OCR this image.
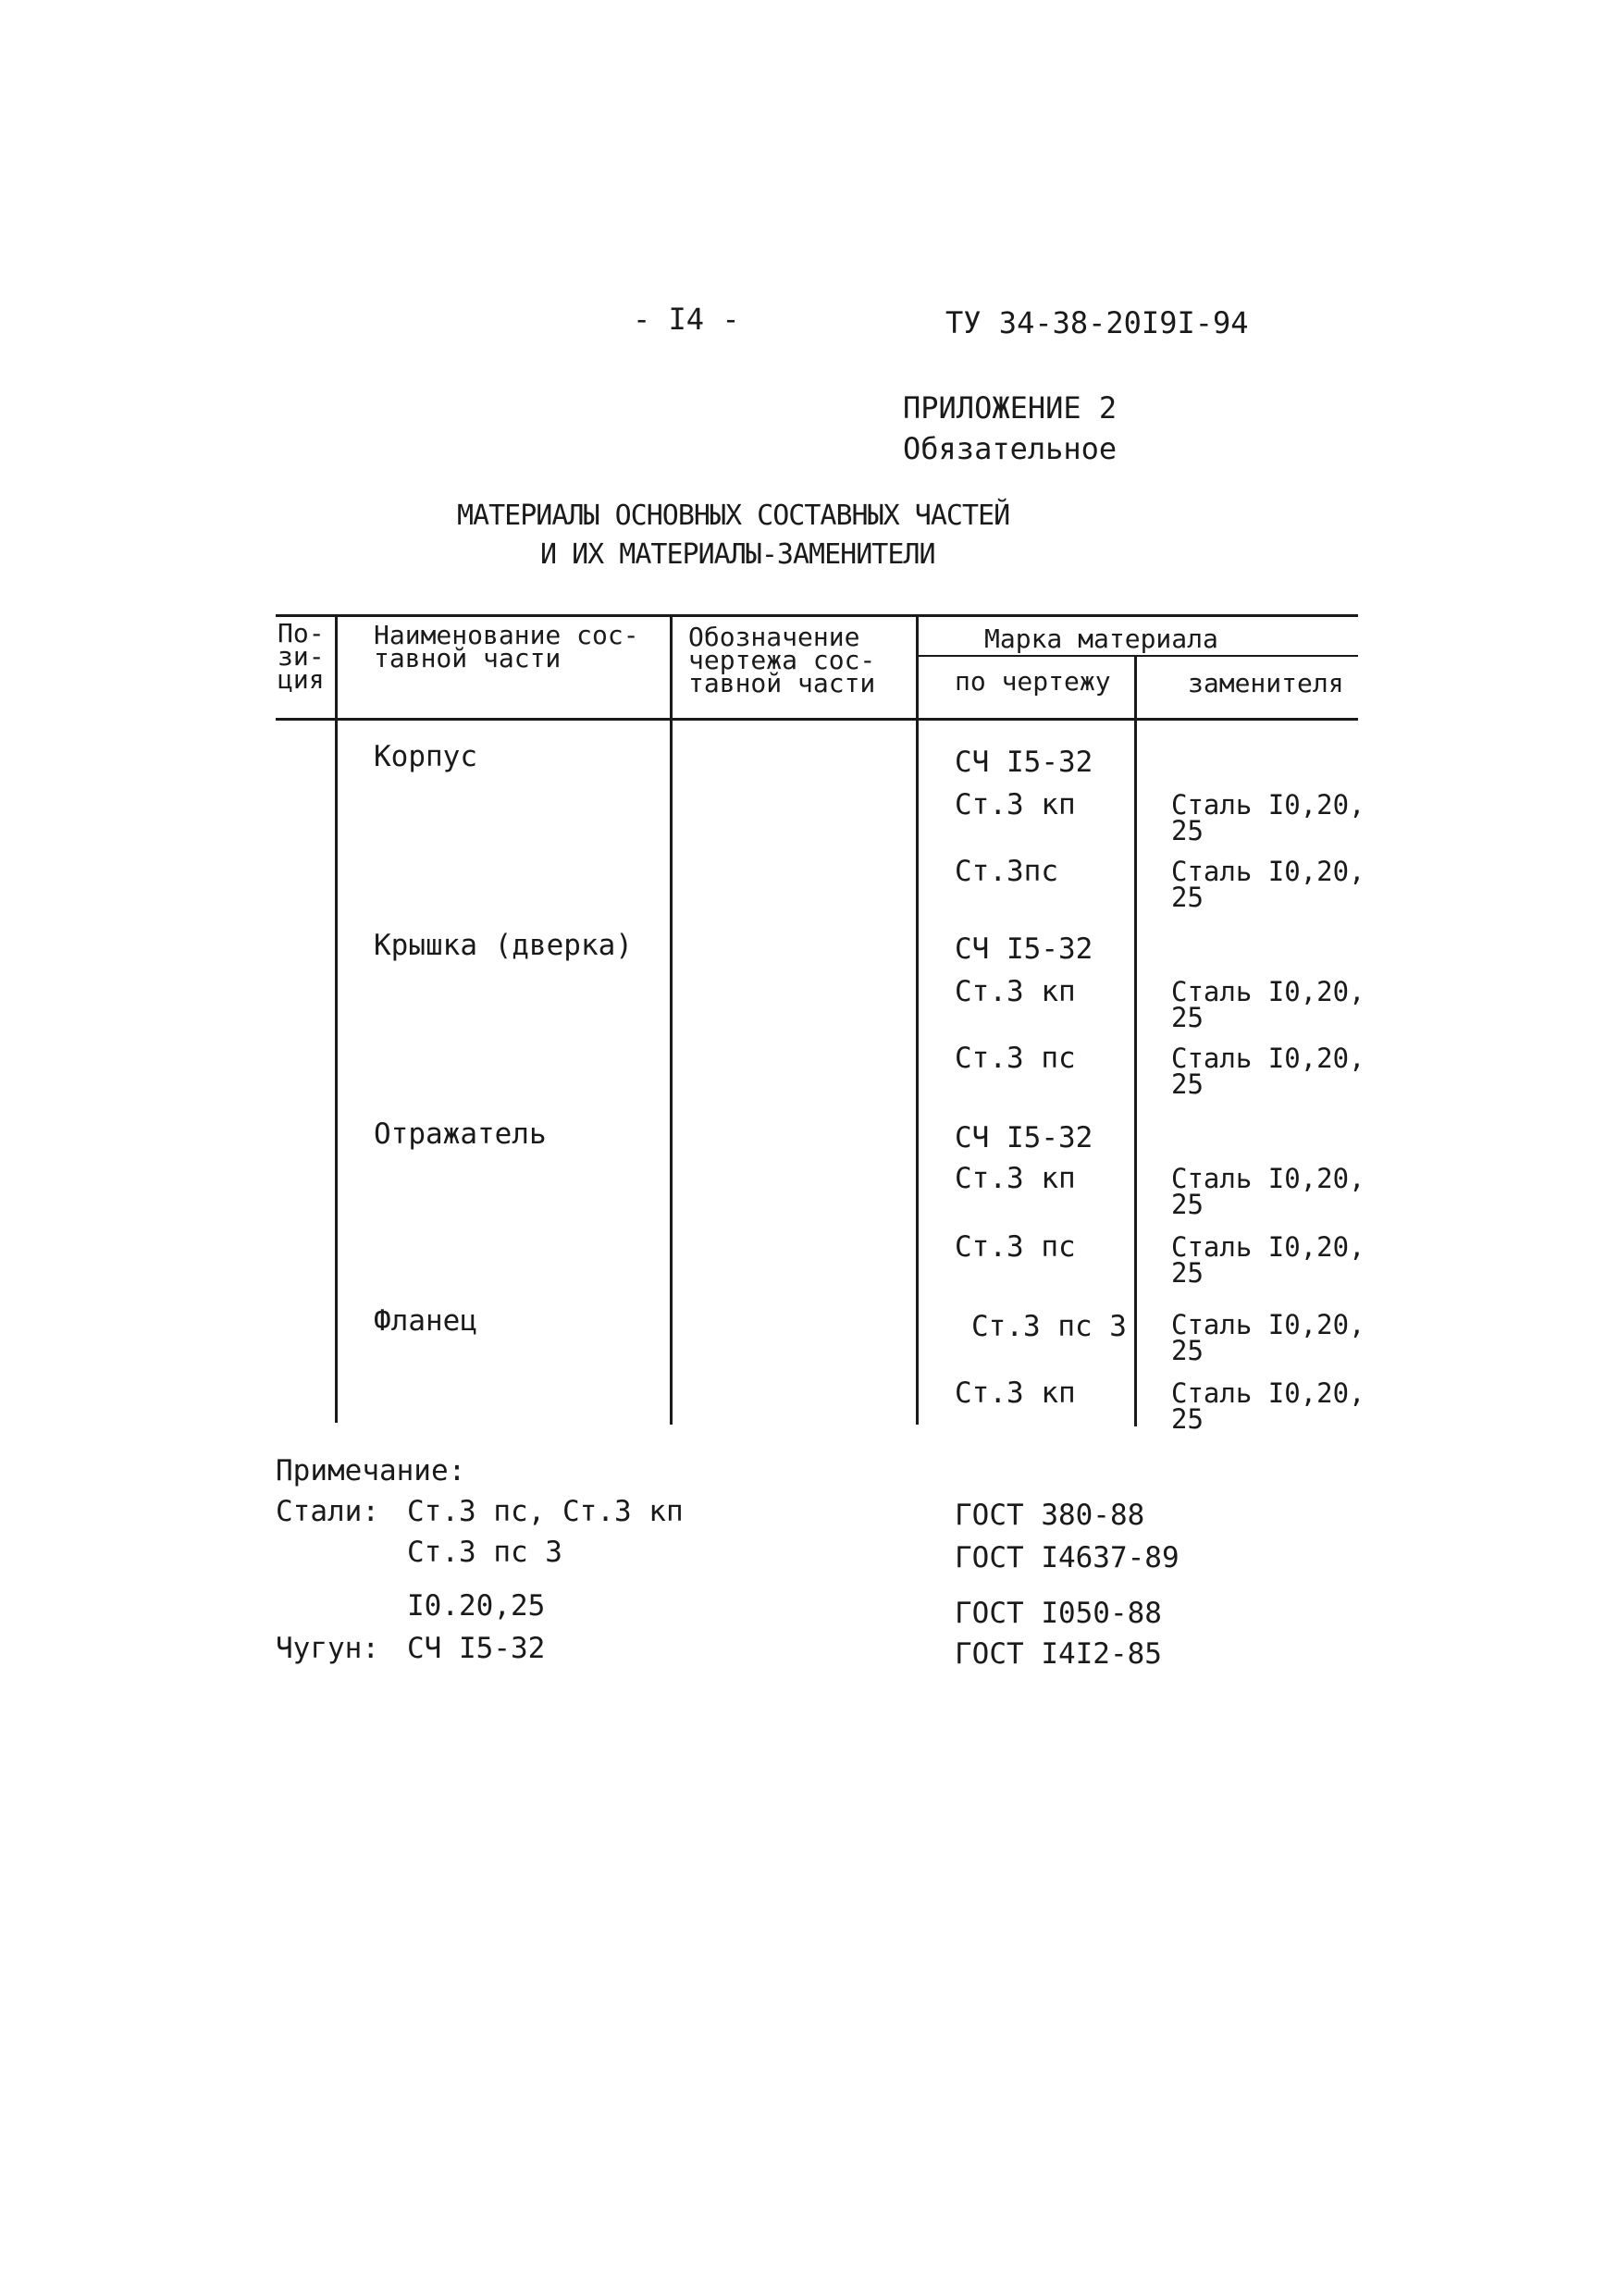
- I4 -	ТУ 34-38-20I9I-94
ПРИЛОЖЕНИЕ 2
Обязательное
МАТЕРИАЛЫ ОСНОВНЫХ СОСТАВНЫХ ЧАСТЕЙ
И ИХ МАТЕРИАЛЫ-ЗАМЕНИТЕЛИ
По-
зи-
ция
Наименование сос-
тавной части
Обозначение
чертежа сос-
тавной части
Марка материала
по чертежу	заменителя
Корпус	СЧ I5-32
Ст.3 кп	Сталь I0,20,
25
Ст.3пс	Сталь I0,20,
25
Крышка (дверка)	СЧ I5-32
Ст.3 кп	Сталь I0,20,
25
Ст.3 пс	Сталь I0,20,
25
Отражатель	СЧ I5-32
Ст.3 кп	Сталь I0,20,
25
Ст.3 пс	Сталь I0,20,
25
Фланец	Ст.3 пс 3 Сталь I0,20,
25
Ст.3 кп	Сталь I0,20,
25
Примечание:
Стали: Ст.3 пс, Ст.3 кп	ГОСТ 380-88
Ст.3 пс 3	ГОСТ I4637-89
I0.20,25	ГОСТ I050-88
Чугун: СЧ I5-32	ГОСТ I4I2-85
